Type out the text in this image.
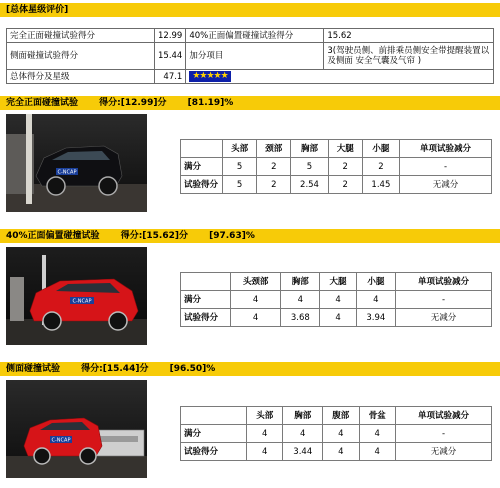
[总体星级评价]
完全正面碰撞试验得分	12.99	40%正面偏置碰撞试验得分	15.62
侧面碰撞试验得分	15.44	加分项目	3(驾驶员侧、前排乘员侧安全带提醒装置以及侧面 安全气囊及气帘 )
总体得分及星级	47.1	★★★★★	
完全正面碰撞试验 得分:[12.99]分 [81.19]%
C-NCAP
	头部	颈部	胸部	大腿	小腿	单项试验减分
满分	5	2	5	2	2	-
试验得分	5	2	2.54	2	1.45	无减分
40%正面偏置碰撞试验 得分:[15.62]分 [97.63]%
C-NCAP
	头颈部	胸部	大腿	小腿	单项试验减分
满分	4	4	4	4	-
试验得分	4	3.68	4	3.94	无减分
侧面碰撞试验 得分:[15.44]分 [96.50]%
C-NCAP
	头部	胸部	腹部	骨盆	单项试验减分
满分	4	4	4	4	-
试验得分	4	3.44	4	4	无减分
